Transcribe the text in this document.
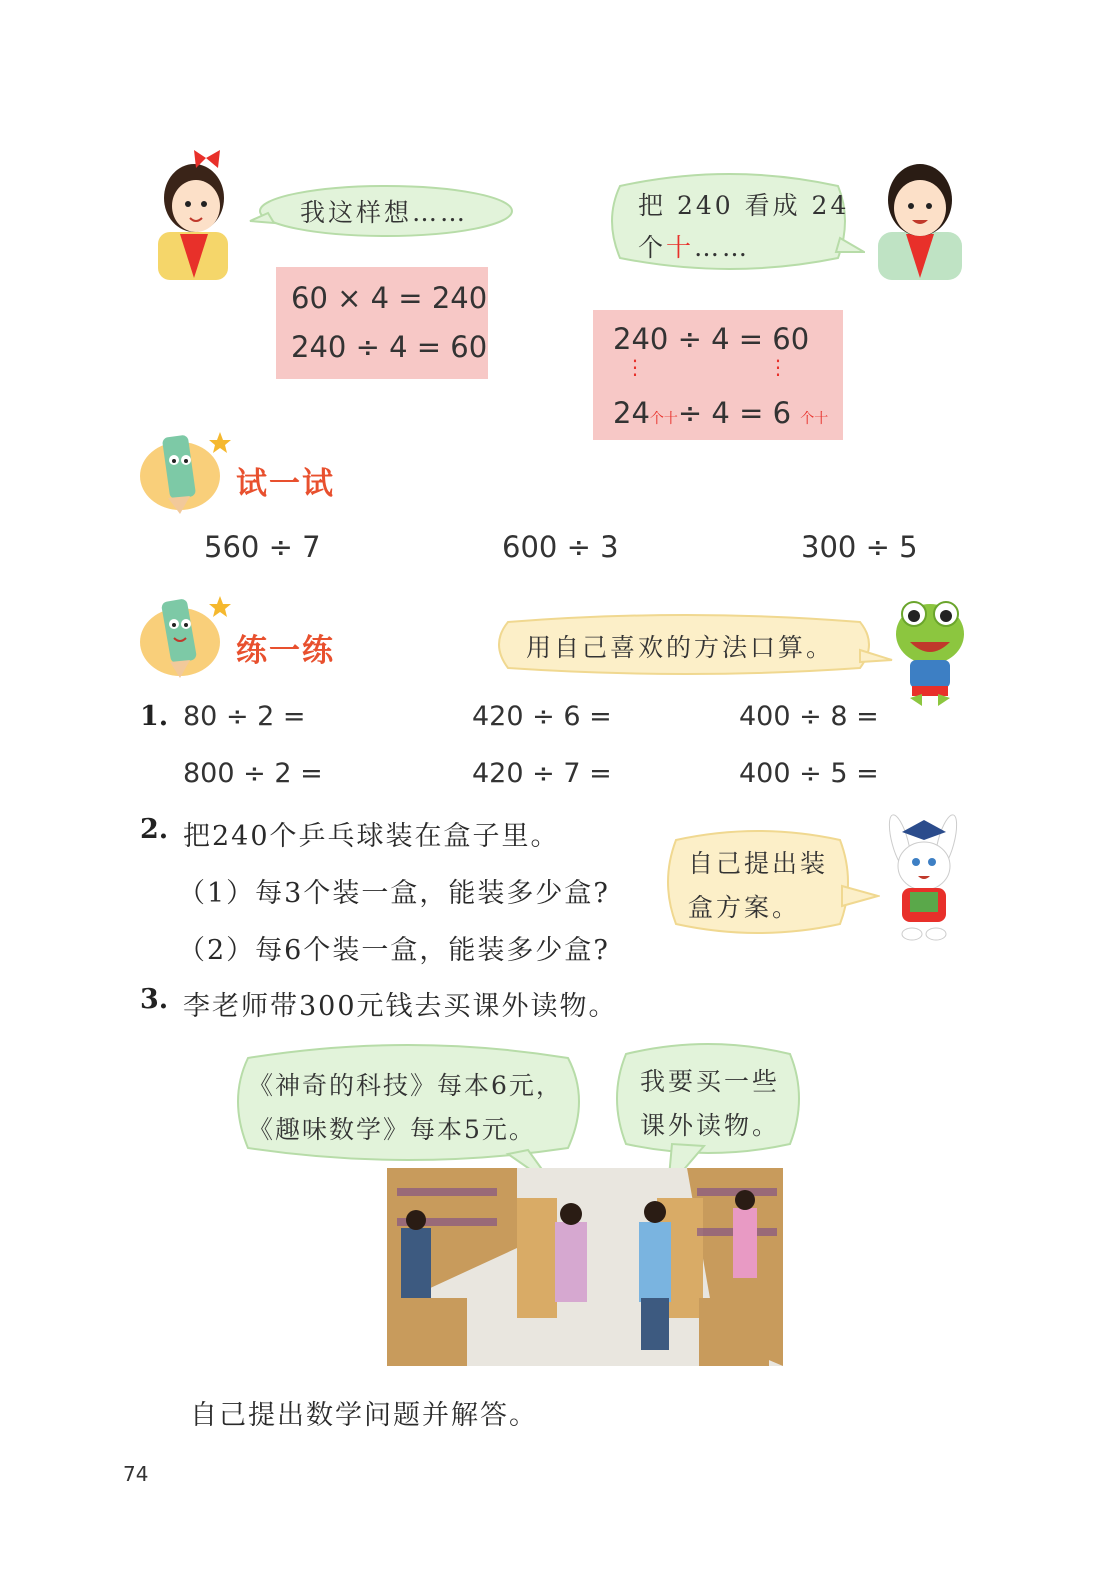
我这样想……
60 × 4 = 240
240 ÷ 4 = 60
把 240 看成 24
个十……
240 ÷ 4 = 60
⋮	⋮
24个十÷ 4 = 6 个十
试一试
560 ÷ 7	600 ÷ 3	300 ÷ 5
练一练	用自己喜欢的方法口算。
1. 80 ÷ 2 =	420 ÷ 6 =	400 ÷ 8 =
800 ÷ 2 =	420 ÷ 7 =	400 ÷ 5 =
2. 把240个乒乓球装在盒子里。
（1）每3个装一盒，能装多少盒?
（2）每6个装一盒，能装多少盒?
自己提出装
盒方案。
3. 李老师带300元钱去买课外读物。
《神奇的科技》每本6元，
《趣味数学》每本5元。
我要买一些
课外读物。
自己提出数学问题并解答。
74
